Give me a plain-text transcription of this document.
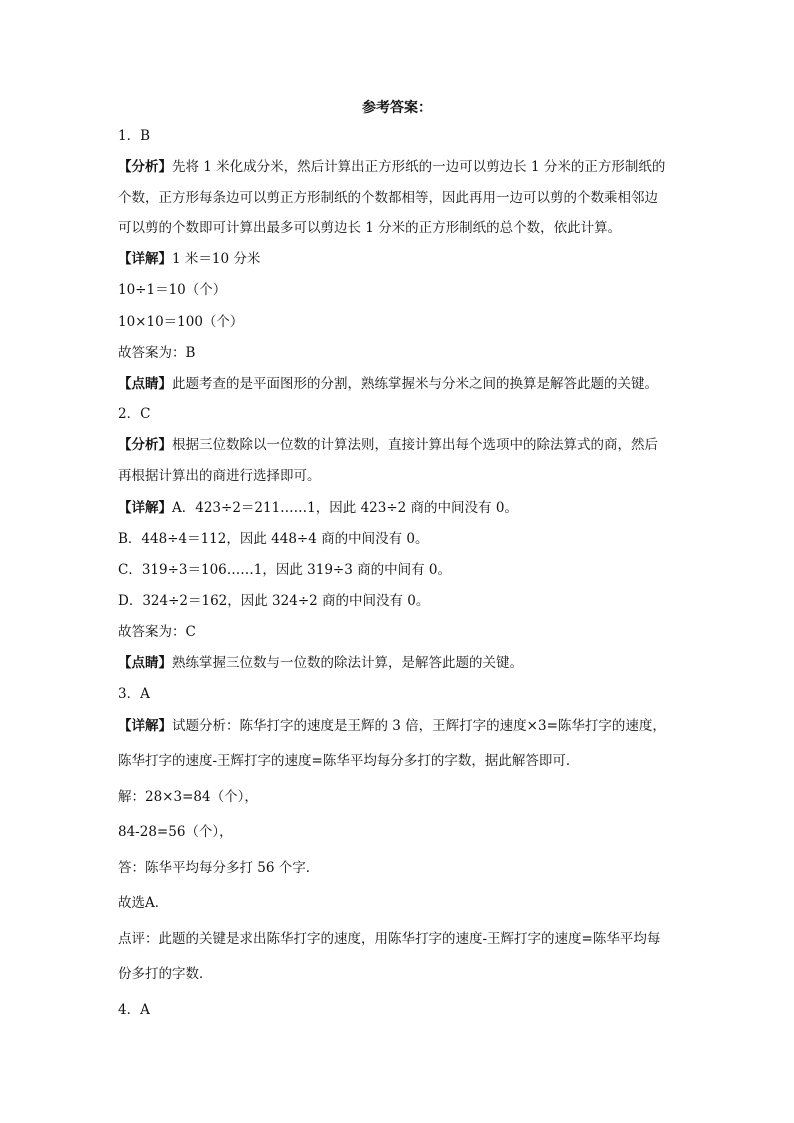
参考答案：
1．B
【分析】先将 1 米化成分米，然后计算出正方形纸的一边可以剪边长 1 分米的正方形制纸的
个数，正方形每条边可以剪正方形制纸的个数都相等，因此再用一边可以剪的个数乘相邻边
可以剪的个数即可计算出最多可以剪边长 1 分米的正方形制纸的总个数，依此计算。
【详解】1 米＝10 分米
10÷1＝10（个）
10×10＝100（个）
故答案为：B
【点睛】此题考查的是平面图形的分割，熟练掌握米与分米之间的换算是解答此题的关键。
2．C
【分析】根据三位数除以一位数的计算法则，直接计算出每个选项中的除法算式的商，然后
再根据计算出的商进行选择即可。
【详解】A．423÷2＝211……1，因此 423÷2 商的中间没有 0。
B．448÷4＝112，因此 448÷4 商的中间没有 0。
C．319÷3＝106……1，因此 319÷3 商的中间有 0。
D．324÷2＝162，因此 324÷2 商的中间没有 0。
故答案为：C
【点睛】熟练掌握三位数与一位数的除法计算，是解答此题的关键。
3．A
【详解】试题分析：陈华打字的速度是王辉的 3 倍，王辉打字的速度×3=陈华打字的速度，
陈华打字的速度-王辉打字的速度=陈华平均每分多打的字数，据此解答即可．
解：28×3=84（个），
84-28=56（个），
答：陈华平均每分多打 56 个字．
故选A．
点评：此题的关键是求出陈华打字的速度，用陈华打字的速度-王辉打字的速度=陈华平均每
份多打的字数．
4．A
